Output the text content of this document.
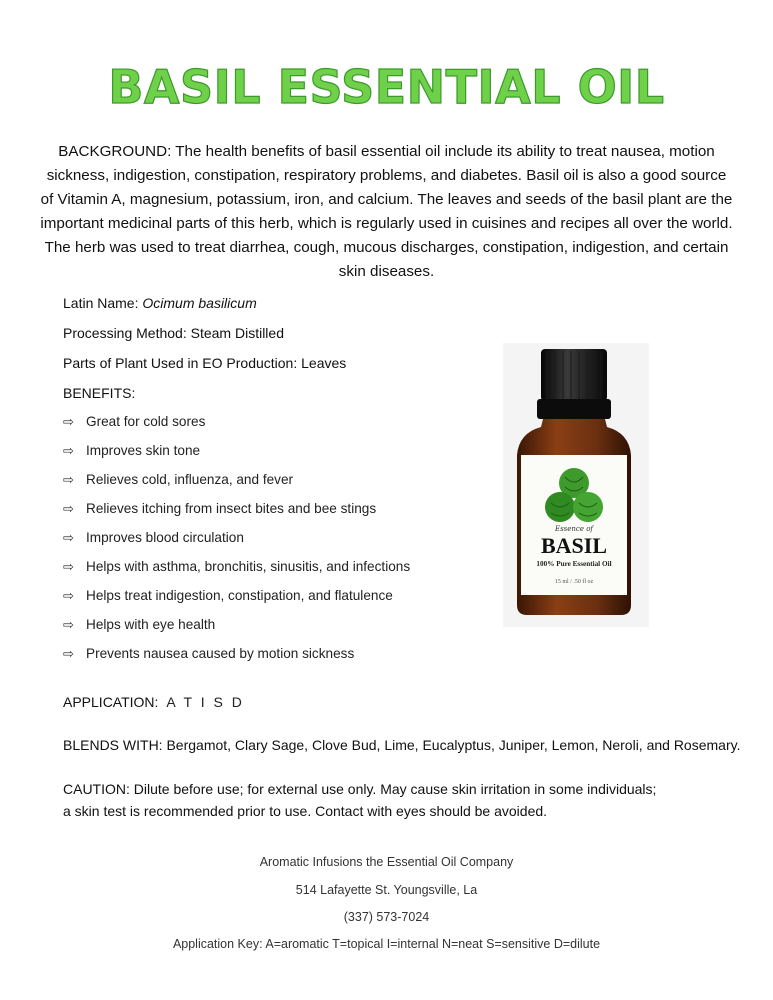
BASIL ESSENTIAL OIL
BACKGROUND: The health benefits of basil essential oil include its ability to treat nausea, motion sickness, indigestion, constipation, respiratory problems, and diabetes. Basil oil is also a good source of Vitamin A, magnesium, potassium, iron, and calcium. The leaves and seeds of the basil plant are the important medicinal parts of this herb, which is regularly used in cuisines and recipes all over the world. The herb was used to treat diarrhea, cough, mucous discharges, constipation, indigestion, and certain skin diseases.
Latin Name: Ocimum basilicum
Processing Method: Steam Distilled
Parts of Plant Used in EO Production: Leaves
BENEFITS:
⇨ Great for cold sores
⇨ Improves skin tone
⇨ Relieves cold, influenza, and fever
⇨ Relieves itching from insect bites and bee stings
⇨ Improves blood circulation
⇨ Helps with asthma, bronchitis, sinusitis, and infections
⇨ Helps treat indigestion, constipation, and flatulence
⇨ Helps with eye health
⇨ Prevents nausea caused by motion sickness
Essence of
BASIL
100% Pure Essential Oil
15 ml / .50 fl oz
APPLICATION: A T I S D
BLENDS WITH: Bergamot, Clary Sage, Clove Bud, Lime, Eucalyptus, Juniper, Lemon, Neroli, and Rosemary.
CAUTION: Dilute before use; for external use only. May cause skin irritation in some individuals;
a skin test is recommended prior to use. Contact with eyes should be avoided.
Aromatic Infusions the Essential Oil Company
514 Lafayette St. Youngsville, La
(337) 573-7024
Application Key: A=aromatic T=topical I=internal N=neat S=sensitive D=dilute
